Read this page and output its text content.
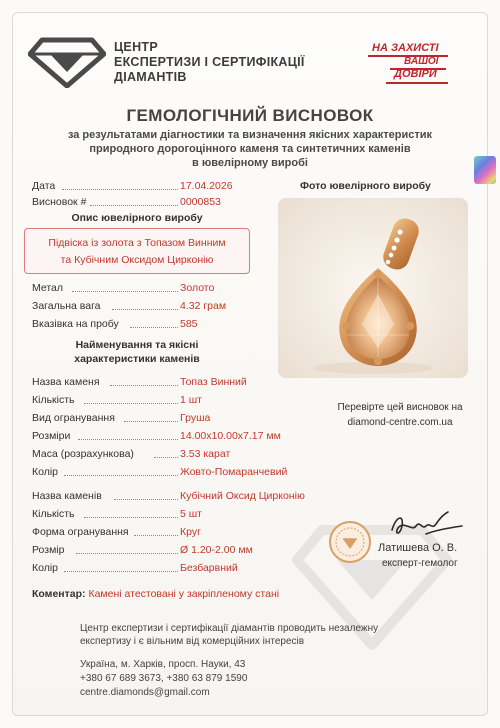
ЦЕНТР
ЕКСПЕРТИЗИ І СЕРТИФІКАЦІЇ
ДІАМАНТІВ
НА ЗАХИСТІ
ВАШОЇ
ДОВІРИ
ГЕМОЛОГІЧНИЙ ВИСНОВОК
за результатами діагностики та визначення якісних характеристик
природного дорогоцінного каменя та синтетичних каменів
в ювелірному виробі
Дата	17.04.2026
Висновок #	0000853
Опис ювелірного виробу
Підвіска із золота з Топазом Винним
та Кубічним Оксидом Цирконію
Метал	Золото
Загальна вага	4.32 грам
Вказівка на пробу	585
Фото ювелірного виробу
Найменування та якісні
характеристики каменів
Назва каменя	Топаз Винний
Кількість	1 шт
Вид огранування	Груша
Розміри	14.00x10.00x7.17 мм
Маса (розрахункова)	3.53 карат
Колір	Жовто-Помаранчевий
Назва каменів	Кубічний Оксид Цирконію
Кількість	5 шт
Форма огранування	Круг
Розмір	Ø 1.20-2.00 мм
Колір	Безбарвний
Перевірте цей висновок на
diamond-centre.com.ua
Латишева О. В.
експерт-гемолог
Коментар: Камені атестовані у закріпленому стані
Центр експертизи і сертифікації діамантів проводить незалежну
експертизу і є вільним від комерційних інтересів
Україна, м. Харків, просп. Науки, 43
+380 67 689 3673, +380 63 879 1590
centre.diamonds@gmail.com
